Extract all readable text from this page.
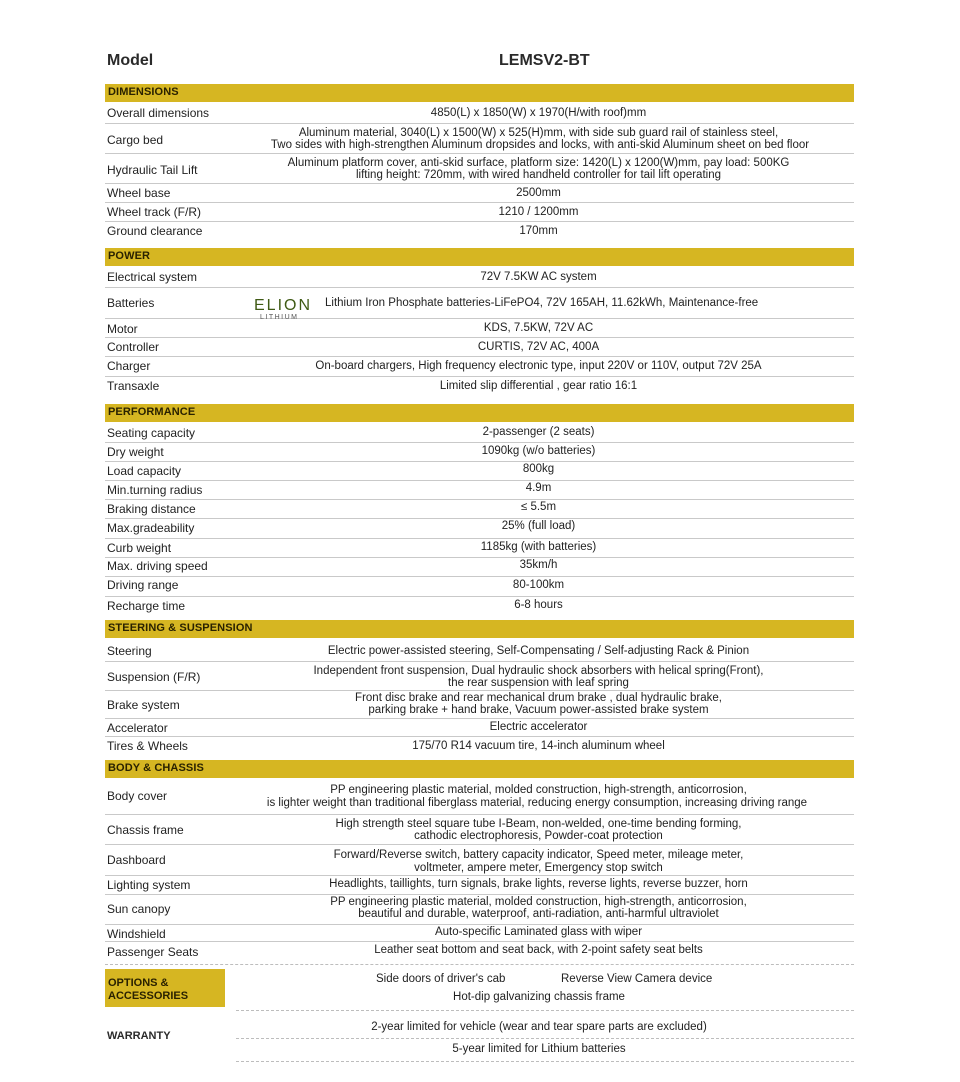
Model	LEMSV2-BT
DIMENSIONS
Overall dimensions	4850(L) x 1850(W) x 1970(H/with roof)mm
Cargo bed	Aluminum material, 3040(L) x 1500(W) x 525(H)mm, with side sub guard rail of stainless steel,
Two sides with high-strengthen Aluminum dropsides and locks, with anti-skid Aluminum sheet on bed floor
Hydraulic Tail Lift	Aluminum platform cover, anti-skid surface, platform size: 1420(L) x 1200(W)mm, pay load: 500KG
lifting height: 720mm, with wired handheld controller for tail lift operating
Wheel base	2500mm
Wheel track (F/R)	1210 / 1200mm
Ground clearance	170mm
POWER
Electrical system	72V 7.5KW AC system
Batteries	ELION
LITHIUM
Lithium Iron Phosphate batteries-LiFePO4, 72V 165AH, 11.62kWh, Maintenance-free
Motor	KDS, 7.5KW, 72V AC
Controller	CURTIS, 72V AC, 400A
Charger	On-board chargers, High frequency electronic type, input 220V or 110V, output 72V 25A
Transaxle	Limited slip differential , gear ratio 16:1
PERFORMANCE
Seating capacity	2-passenger (2 seats)
Dry weight	1090kg (w/o batteries)
Load capacity	800kg
Min.turning radius	4.9m
Braking distance	≤ 5.5m
Max.gradeability	25% (full load)
Curb weight	1185kg (with batteries)
Max. driving speed	35km/h
Driving range	80-100km
Recharge time	6-8 hours
STEERING & SUSPENSION
Steering	Electric power-assisted steering, Self-Compensating / Self-adjusting Rack & Pinion
Suspension (F/R)	Independent front suspension, Dual hydraulic shock absorbers with helical spring(Front),
the rear suspension with leaf spring
Brake system	Front disc brake and rear mechanical drum brake , dual hydraulic brake,
parking brake + hand brake, Vacuum power-assisted brake system
Accelerator	Electric accelerator
Tires & Wheels	175/70 R14 vacuum tire, 14-inch aluminum wheel
BODY & CHASSIS
Body cover	PP engineering plastic material, molded construction, high-strength, anticorrosion,
is lighter weight than traditional fiberglass material, reducing energy consumption, increasing driving range
Chassis frame	High strength steel square tube I-Beam, non-welded, one-time bending forming,
cathodic electrophoresis, Powder-coat protection
Dashboard	Forward/Reverse switch, battery capacity indicator, Speed meter, mileage meter,
voltmeter, ampere meter, Emergency stop switch
Lighting system	Headlights, taillights, turn signals, brake lights, reverse lights, reverse buzzer, horn
Sun canopy	PP engineering plastic material, molded construction, high-strength, anticorrosion,
beautiful and durable, waterproof, anti-radiation, anti-harmful ultraviolet
Windshield	Auto-specific Laminated glass with wiper
Passenger Seats	Leather seat bottom and seat back, with 2-point safety seat belts
OPTIONS &
ACCESSORIES
Side doors of driver's cab	Reverse View Camera device
Hot-dip galvanizing chassis frame
WARRANTY
2-year limited for vehicle (wear and tear spare parts are excluded)
5-year limited for Lithium batteries
